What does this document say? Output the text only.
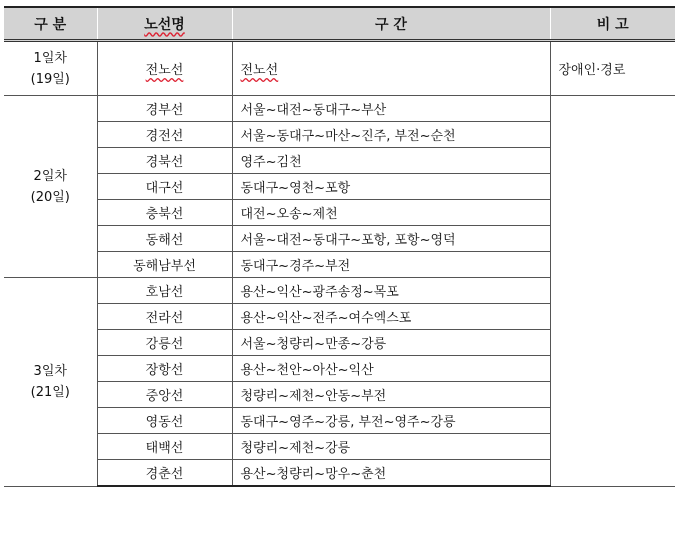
구 분	노선명	구 간	비 고

1일차
(19일)	전노선	전노선	장애인·경로

2일차
(20일)	경부선	서울~대전~동대구~부산	
	경전선	서울~동대구~마산~진주, 부전~순천	
	경북선	영주~김천	
	대구선	동대구~영천~포항	
	충북선	대전~오송~제천	
	동해선	서울~대전~동대구~포항, 포항~영덕	
	동해남부선	동대구~경주~부전	

3일차
(21일)	호남선	용산~익산~광주송정~목포	
	전라선	용산~익산~전주~여수엑스포	
	강릉선	서울~청량리~만종~강릉	
	장항선	용산~천안~아산~익산	
	중앙선	청량리~제천~안동~부전	
	영동선	동대구~영주~강릉, 부전~영주~강릉	
	태백선	청량리~제천~강릉	
	경춘선	용산~청량리~망우~춘천	
